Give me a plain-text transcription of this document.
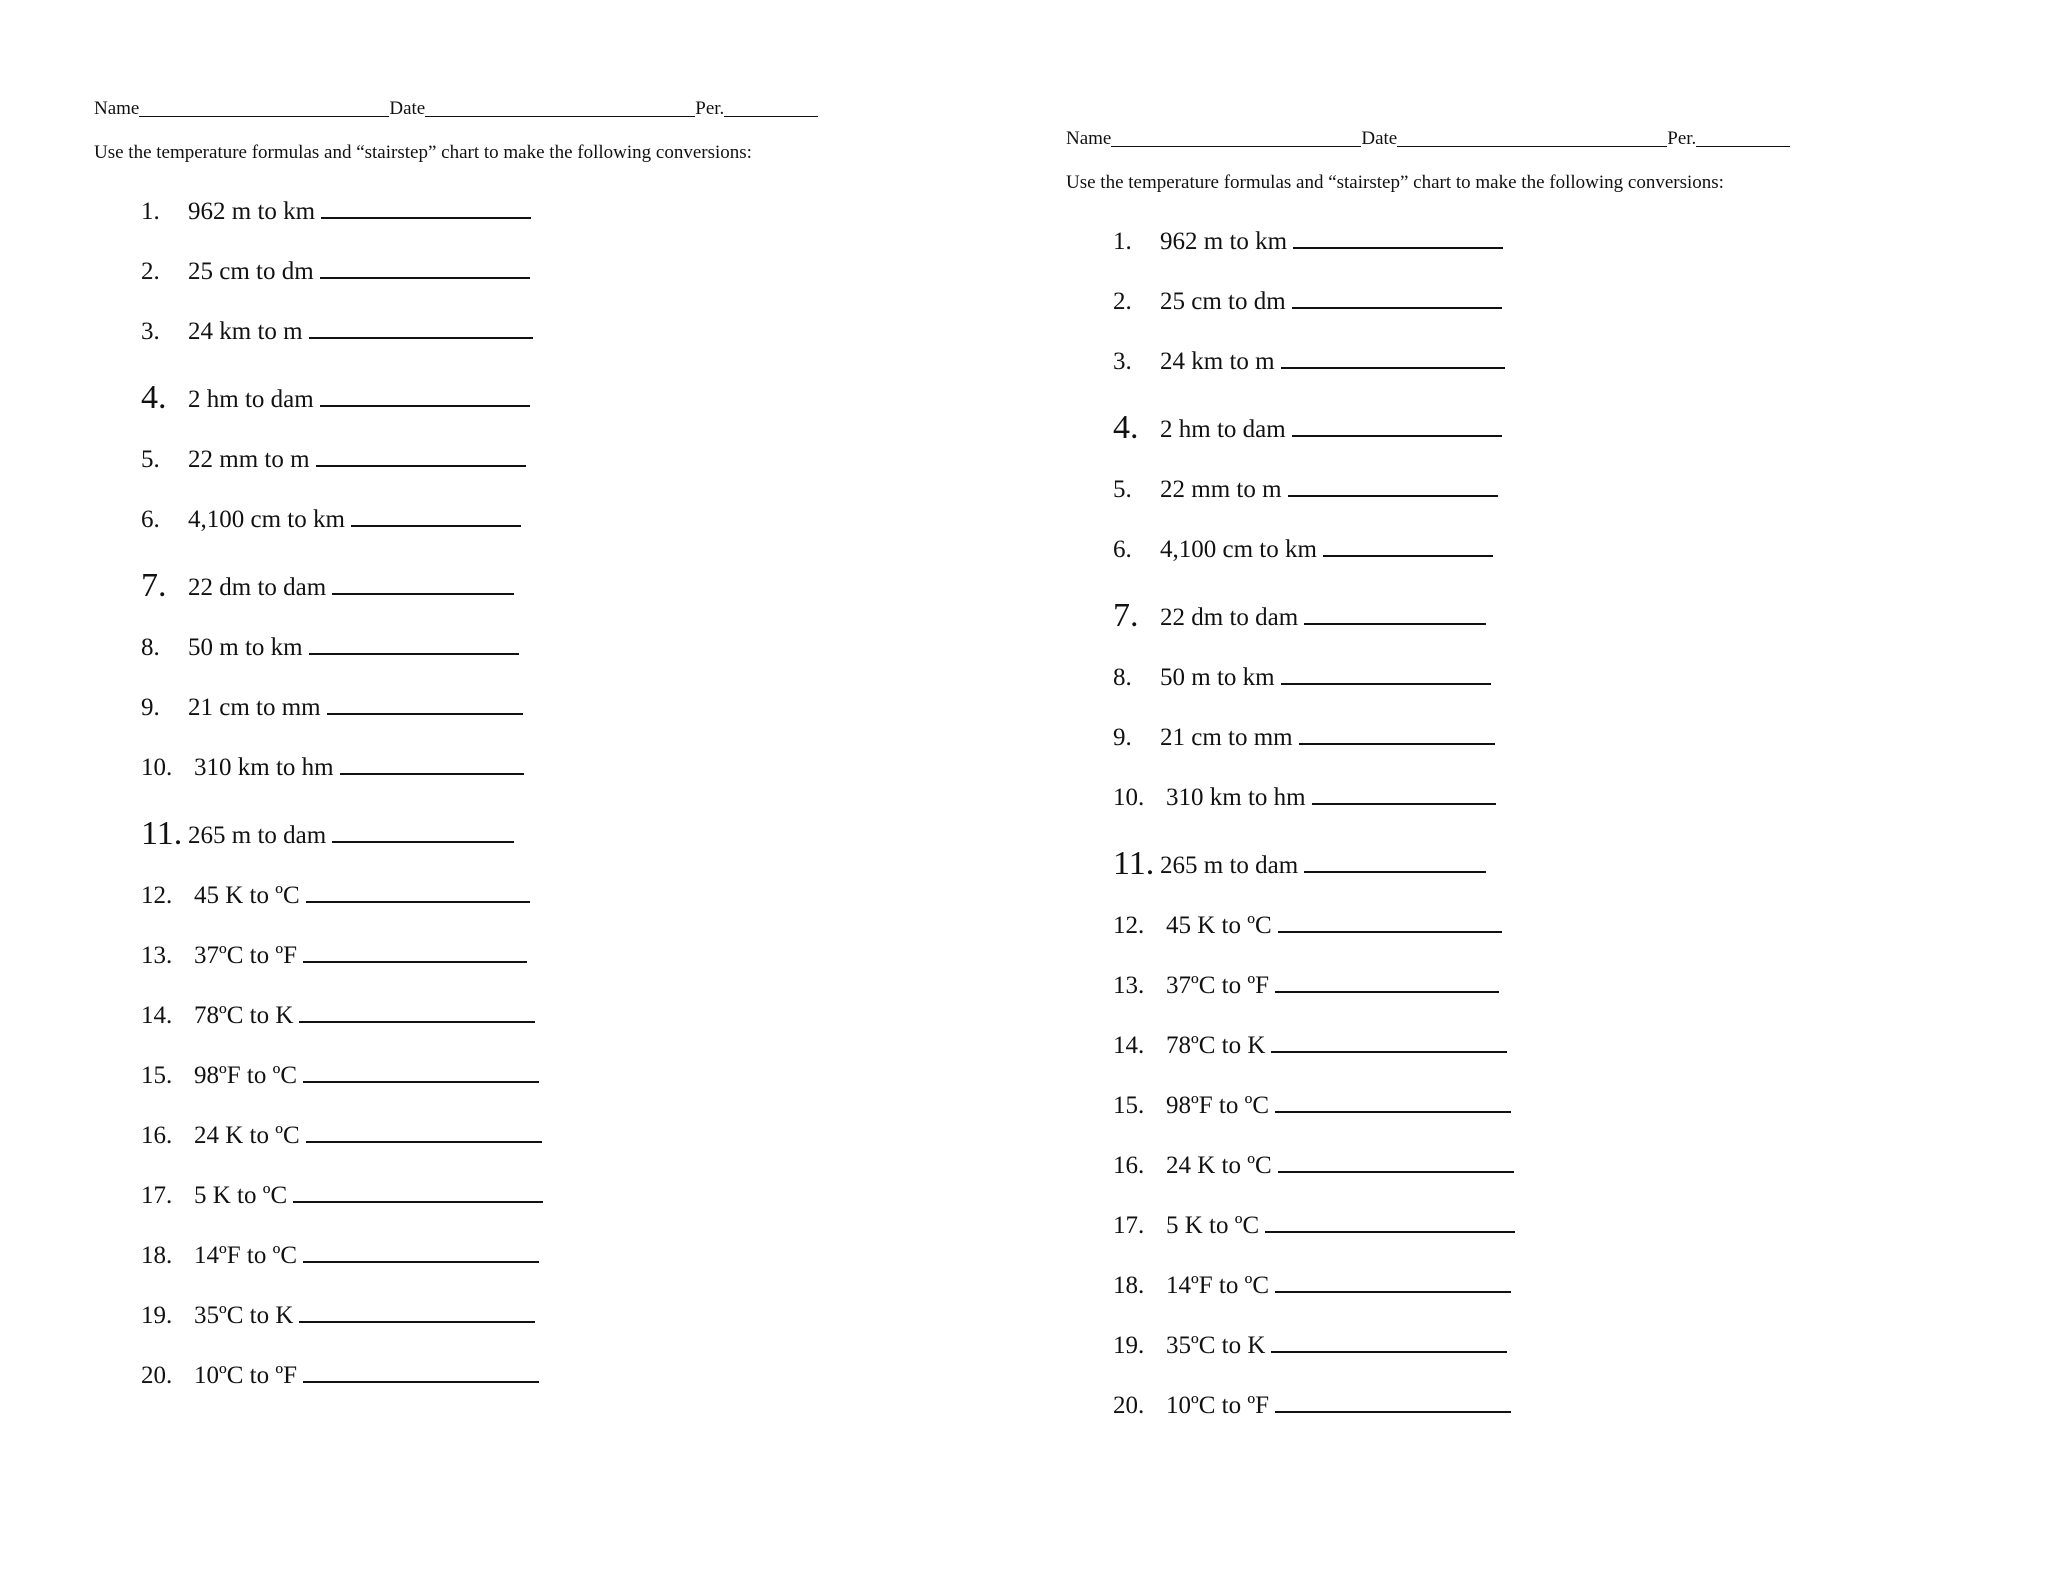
Name	Date	Per.
Use the temperature formulas and “stairstep” chart to make the following conversions:
1. 962 m to km
2. 25 cm to dm
3. 24 km to m
4. 2 hm to dam
5. 22 mm to m
6. 4,100 cm to km
7. 22 dm to dam
8. 50 m to km
9. 21 cm to mm
10. 310 km to hm
11. 265 m to dam
12. 45 K to ºC
13. 37ºC to ºF
14. 78ºC to K
15. 98ºF to ºC
16. 24 K to ºC
17. 5 K to ºC
18. 14ºF to ºC
19. 35ºC to K
20. 10ºC to ºF
Name	Date	Per.
Use the temperature formulas and “stairstep” chart to make the following conversions:
1. 962 m to km
2. 25 cm to dm
3. 24 km to m
4. 2 hm to dam
5. 22 mm to m
6. 4,100 cm to km
7. 22 dm to dam
8. 50 m to km
9. 21 cm to mm
10. 310 km to hm
11. 265 m to dam
12. 45 K to ºC
13. 37ºC to ºF
14. 78ºC to K
15. 98ºF to ºC
16. 24 K to ºC
17. 5 K to ºC
18. 14ºF to ºC
19. 35ºC to K
20. 10ºC to ºF
